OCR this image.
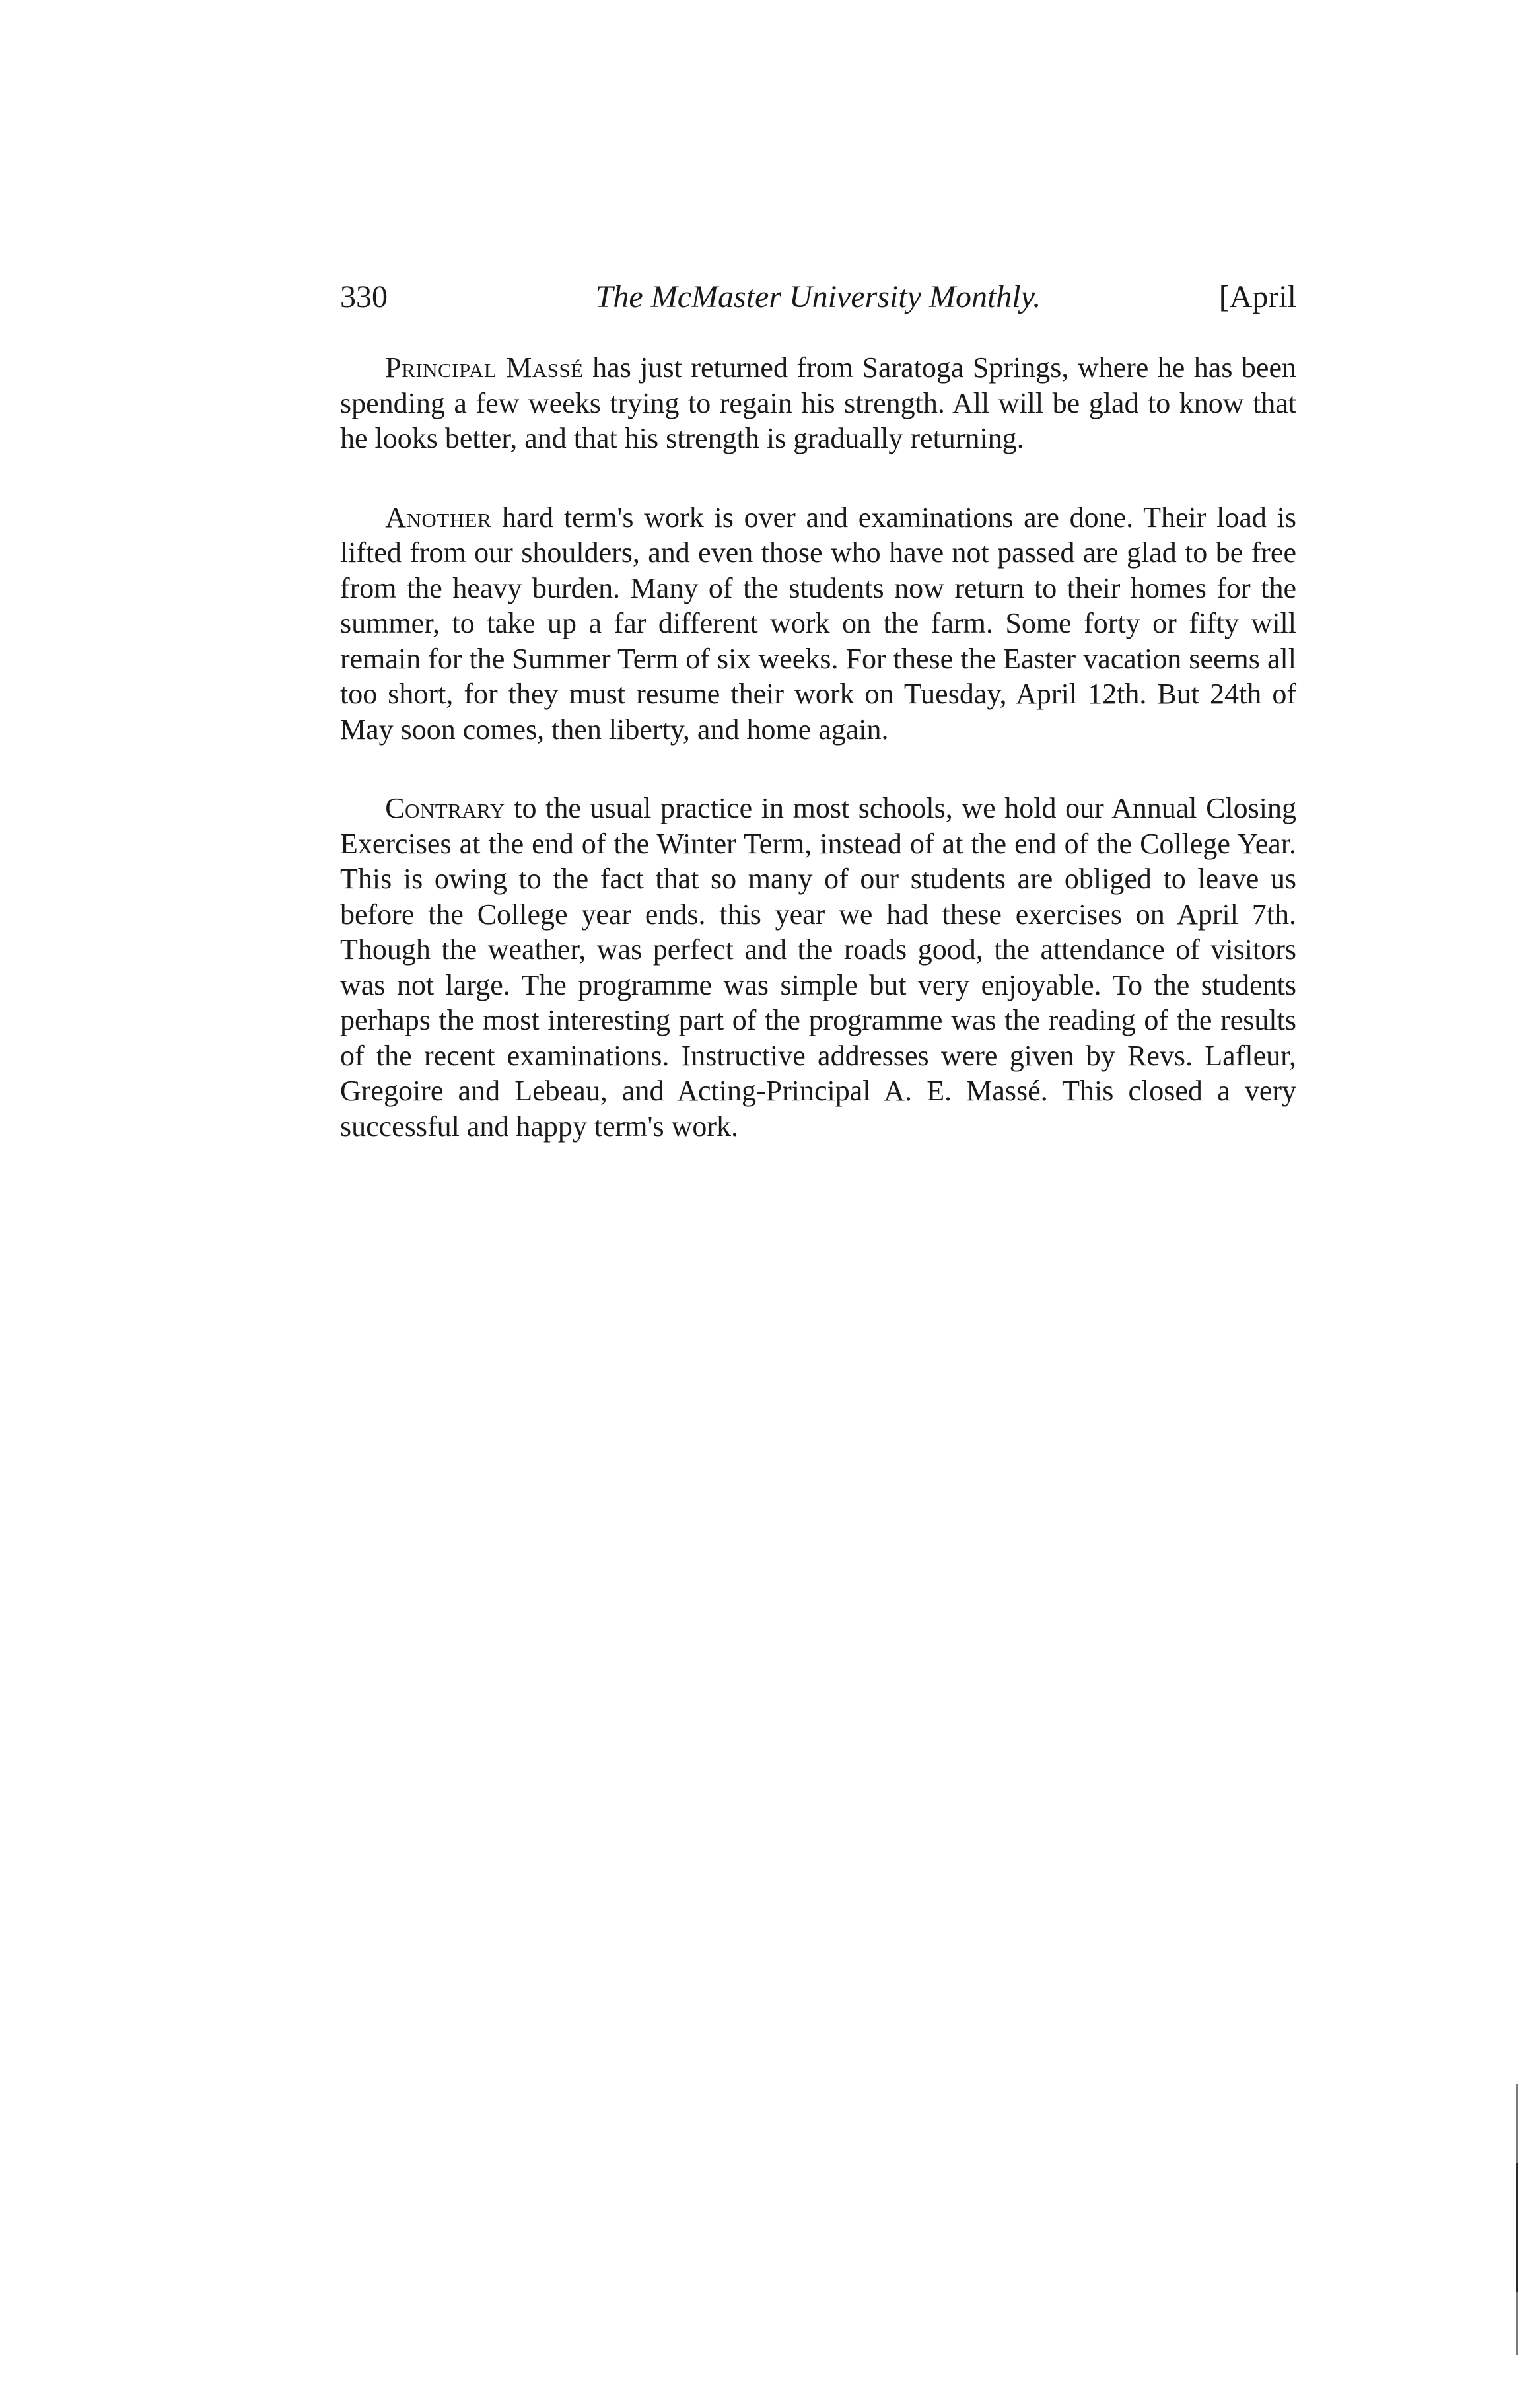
330	The McMaster University Monthly.	[April

Principal Massé has just returned from Saratoga Springs, where he has been spending a few weeks trying to regain his strength. All will be glad to know that he looks better, and that his strength is gradually returning.

Another hard term's work is over and examinations are done. Their load is lifted from our shoulders, and even those who have not passed are glad to be free from the heavy burden. Many of the students now return to their homes for the summer, to take up a far different work on the farm. Some forty or fifty will remain for the Summer Term of six weeks. For these the Easter vacation seems all too short, for they must resume their work on Tuesday, April 12th. But 24th of May soon comes, then liberty, and home again.

Contrary to the usual practice in most schools, we hold our Annual Closing Exercises at the end of the Winter Term, instead of at the end of the College Year. This is owing to the fact that so many of our students are obliged to leave us before the College year ends. this year we had these exercises on April 7th. Though the weather, was perfect and the roads good, the attendance of visitors was not large. The programme was simple but very enjoyable. To the students perhaps the most interesting part of the programme was the reading of the results of the recent examinations. Instructive addresses were given by Revs. Lafleur, Gregoire and Lebeau, and Acting-Principal A. E. Massé. This closed a very successful and happy term's work.
